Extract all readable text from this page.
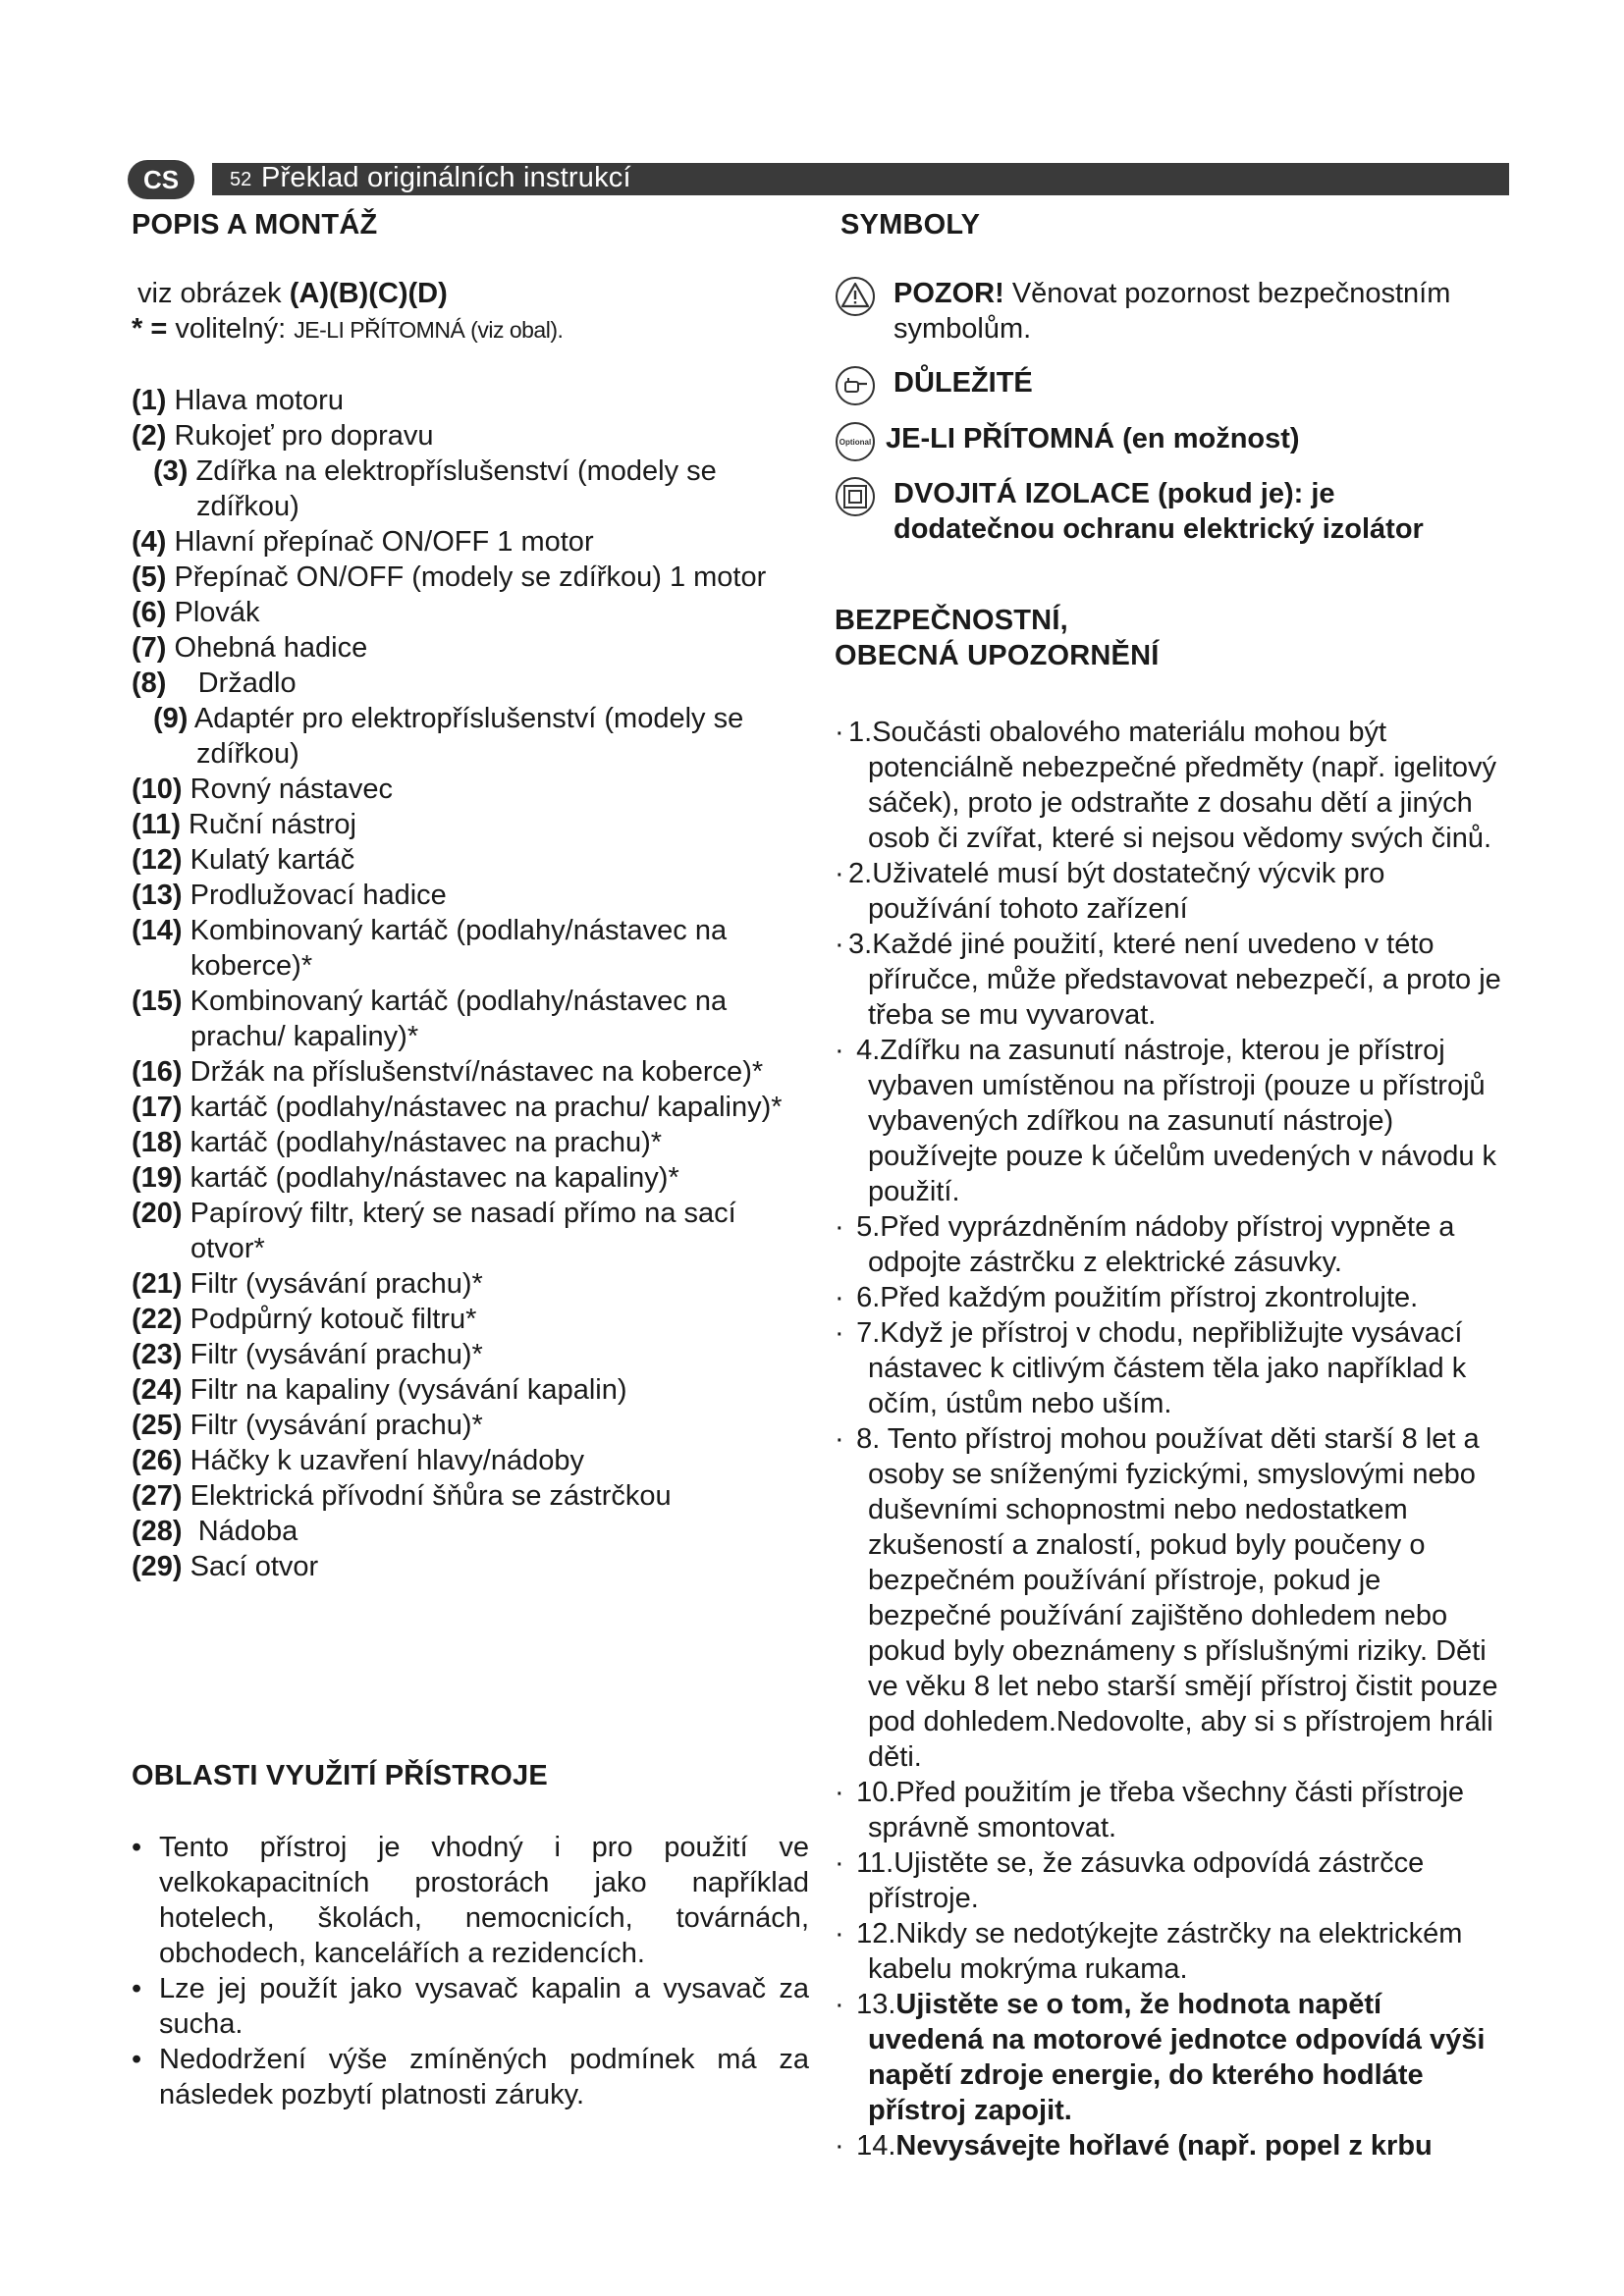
CS	52 Překlad originálních instrukcí
POPIS A MONTÁŽ
viz obrázek (A)(B)(C)(D)
* = volitelný: JE-LI PŘÍTOMNÁ (viz obal).
(1) Hlava motoru
(2) Rukojeť pro dopravu
(3) Zdířka na elektropříslušenství (modely se zdířkou)
(4) Hlavní přepínač ON/OFF 1 motor
(5) Přepínač ON/OFF (modely se zdířkou) 1 motor
(6) Plovák
(7) Ohebná hadice
(8)    Držadlo
(9) Adaptér pro elektropříslušenství (modely se zdířkou)
(10) Rovný nástavec
(11) Ruční nástroj
(12) Kulatý kartáč
(13) Prodlužovací hadice
(14) Kombinovaný kartáč (podlahy/nástavec na koberce)*
(15) Kombinovaný kartáč (podlahy/nástavec na prachu/ kapaliny)*
(16) Držák na příslušenství/nástavec na koberce)*
(17) kartáč (podlahy/nástavec na prachu/ kapaliny)*
(18) kartáč (podlahy/nástavec na prachu)*
(19) kartáč (podlahy/nástavec na kapaliny)*
(20) Papírový filtr, který se nasadí přímo na sací otvor*
(21) Filtr (vysávání prachu)*
(22) Podpůrný kotouč filtru*
(23) Filtr (vysávání prachu)*
(24) Filtr na kapaliny (vysávání kapalin)
(25) Filtr (vysávání prachu)*
(26) Háčky k uzavření hlavy/nádoby
(27) Elektrická přívodní šňůra se zástrčkou
(28)  Nádoba
(29) Sací otvor
OBLASTI VYUŽITÍ PŘÍSTROJE
• Tento přístroj je vhodný i pro použití ve velkokapacitních prostorách jako například hotelech, školách, nemocnicích, továrnách, obchodech, kancelářích a rezidencích.
• Lze jej použít jako vysavač kapalin a vysavač za sucha.
• Nedodržení výše zmíněných podmínek má za následek pozbytí platnosti záruky.
SYMBOLY
POZOR! Věnovat pozornost bezpečnostním symbolům.
DŮLEŽITÉ
Optional JE-LI PŘÍTOMNÁ (en možnost)
DVOJITÁ IZOLACE (pokud je): je dodatečnou ochranu elektrický izolátor
BEZPEČNOSTNÍ,
OBECNÁ UPOZORNĚNÍ
· 1.Součásti obalového materiálu mohou být potenciálně nebezpečné předměty (např. igelitový sáček), proto je odstraňte z dosahu dětí a jiných osob či zvířat, které si nejsou vědomy svých činů.
· 2.Uživatelé musí být dostatečný výcvik pro používání tohoto zařízení
· 3.Každé jiné použití, které není uvedeno v této příručce, může představovat nebezpečí, a proto je třeba se mu vyvarovat.
· 4.Zdířku na zasunutí nástroje, kterou je přístroj vybaven umístěnou na přístroji (pouze u přístrojů vybavených zdířkou na zasunutí nástroje) používejte pouze k účelům uvedených v návodu k použití.
· 5.Před vyprázdněním nádoby přístroj vypněte a odpojte zástrčku z elektrické zásuvky.
· 6.Před každým použitím přístroj zkontrolujte.
· 7.Když je přístroj v chodu, nepřibližujte vysávací nástavec k citlivým částem těla jako například k očím, ústům nebo uším.
· 8. Tento přístroj mohou používat děti starší 8 let a osoby se sníženými fyzickými, smyslovými nebo duševními schopnostmi nebo nedostatkem zkušeností a znalostí, pokud byly poučeny o bezpečném používání přístroje, pokud je bezpečné používání zajištěno dohledem nebo pokud byly obeznámeny s příslušnými riziky. Děti ve věku 8 let nebo starší smějí přístroj čistit pouze pod dohledem.Nedovolte, aby si s přístrojem hráli děti.
· 10.Před použitím je třeba všechny části přístroje správně smontovat.
· 11.Ujistěte se, že zásuvka odpovídá zástrčce přístroje.
· 12.Nikdy se nedotýkejte zástrčky na elektrickém kabelu mokrýma rukama.
· 13.Ujistěte se o tom, že hodnota napětí uvedená na motorové jednotce odpovídá výši napětí zdroje energie, do kterého hodláte přístroj zapojit.
· 14.Nevysávejte hořlavé (např. popel z krbu
